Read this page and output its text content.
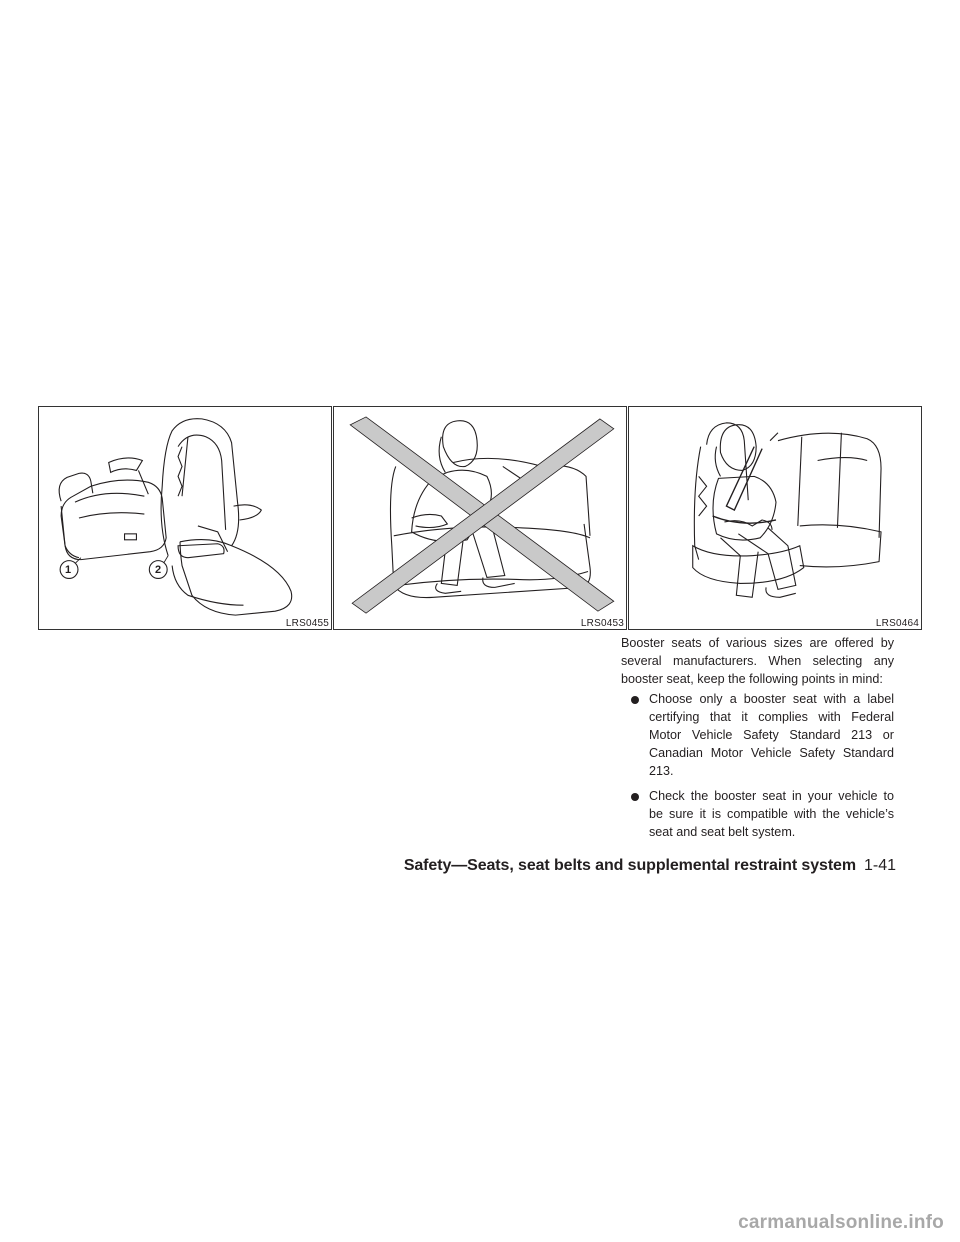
1	2
LRS0455	LRS0453	LRS0464

Booster seats of various sizes are offered by several manufacturers. When selecting any booster seat, keep the following points in mind:

Choose only a booster seat with a label certifying that it complies with Federal Motor Vehicle Safety Standard 213 or Canadian Motor Vehicle Safety Standard 213.
Check the booster seat in your vehicle to be sure it is compatible with the vehicle’s seat and seat belt system.
Safety—Seats, seat belts and supplemental restraint system 1-41
carmanualsonline.info
